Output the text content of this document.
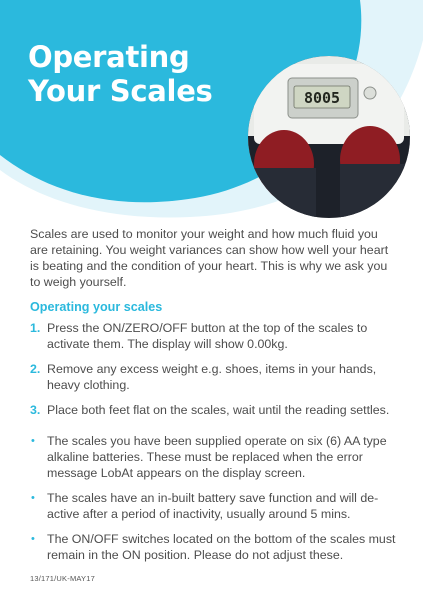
Operating
Your Scales	8005

Scales are used to monitor your weight and how much fluid you are retaining. You weight variances can show how well your heart is beating and the condition of your heart. This is why we ask you to weigh yourself.

Operating your scales
1. Press the ON/ZERO/OFF button at the top of the scales to activate them. The display will show 0.00kg.
2. Remove any excess weight e.g. shoes, items in your hands, heavy clothing.
3. Place both feet flat on the scales, wait until the reading settles.
• The scales you have been supplied operate on six (6) AA type alkaline batteries. These must be replaced when the error message LobAt appears on the display screen.
• The scales have an in-built battery save function and will de-active after a period of inactivity, usually around 5 mins.
• The ON/OFF switches located on the bottom of the scales must remain in the ON position. Please do not adjust these.
13/171/UK-MAY17
